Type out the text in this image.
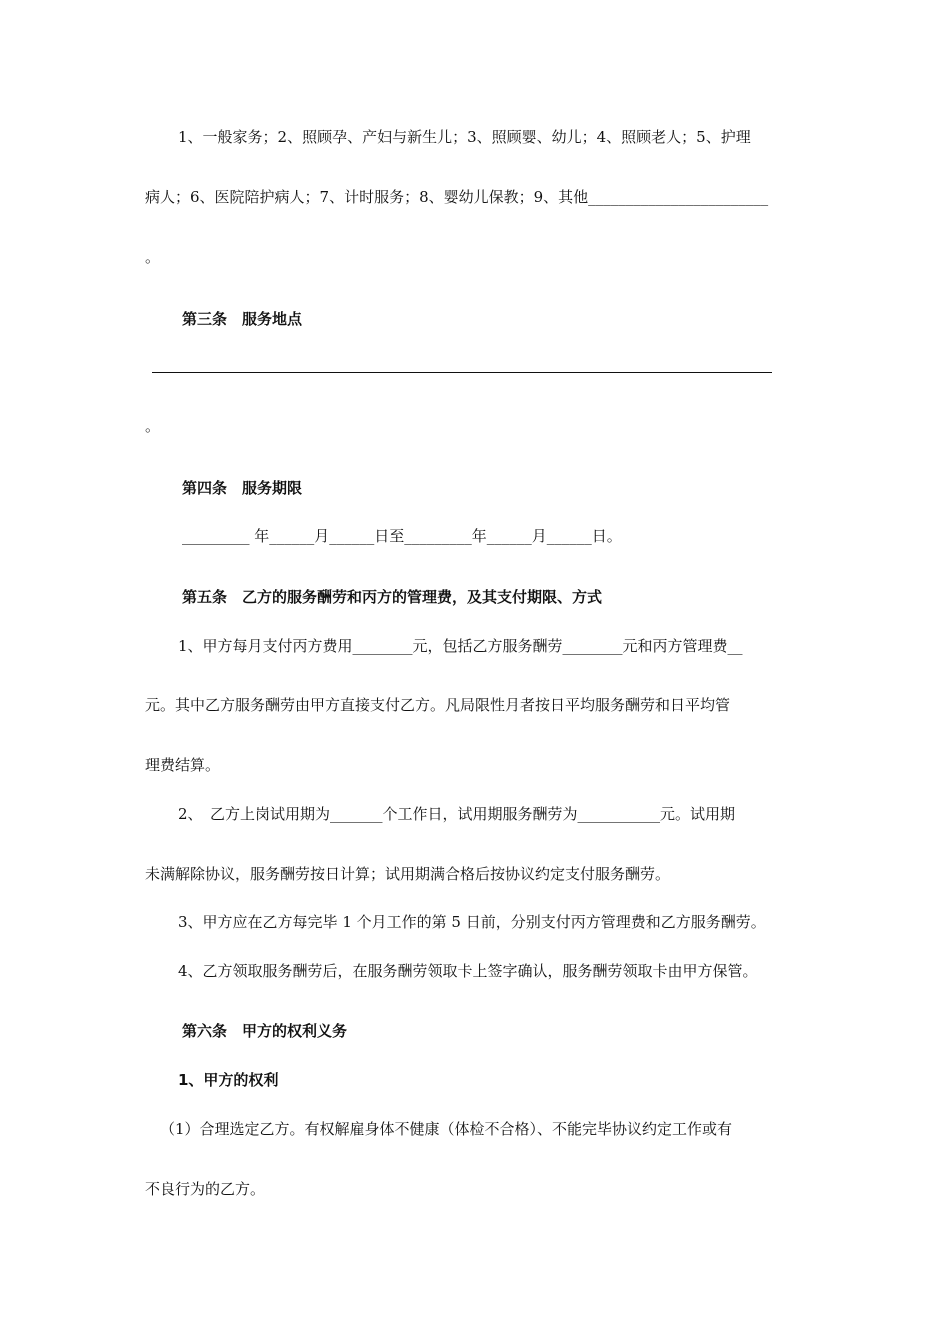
1、一般家务；2、照顾孕、产妇与新生儿；3、照顾婴、幼儿；4、照顾老人；5、护理
病人；6、医院陪护病人；7、计时服务；8、婴幼儿保教；9、其他________________________
。
第三条　服务地点
。
第四条　服务期限
_________ 年______月______日至_________年______月______日。
第五条　乙方的服务酬劳和丙方的管理费，及其支付期限、方式
1、甲方每月支付丙方费用________元，包括乙方服务酬劳________元和丙方管理费__
元。其中乙方服务酬劳由甲方直接支付乙方。凡局限性月者按日平均服务酬劳和日平均管
理费结算。
2、　乙方上岗试用期为_______个工作日，试用期服务酬劳为___________元。试用期
未满解除协议，服务酬劳按日计算；试用期满合格后按协议约定支付服务酬劳。
3、甲方应在乙方每完毕 1 个月工作的第 5 日前，分别支付丙方管理费和乙方服务酬劳。
4、乙方领取服务酬劳后，在服务酬劳领取卡上签字确认，服务酬劳领取卡由甲方保管。
第六条　甲方的权利义务
1、甲方的权利
（1）合理选定乙方。有权解雇身体不健康（体检不合格）、不能完毕协议约定工作或有
不良行为的乙方。
